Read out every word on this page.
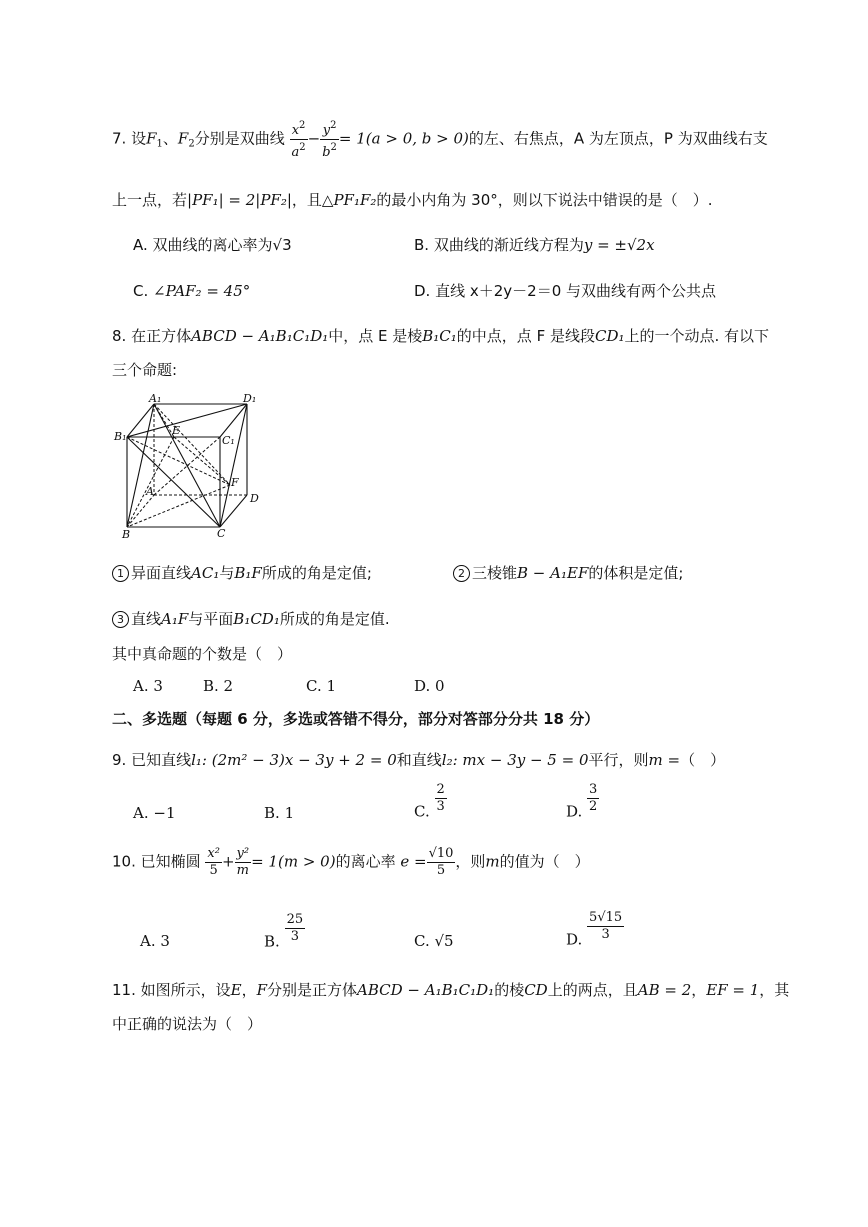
7. 设$F_1$、$F_2$分别是双曲线 $\frac{x^2}{a^2} - \frac{y^2}{b^2} = 1(a > 0$, b > 0)的左、右焦点，A 为左顶点，P 为双曲线右支
上一点，若|PF₁| = 2|PF₂|，且△PF₁F₂的最小内角为 30°，则以下说法中错误的是（　）.
A. 双曲线的离心率为√3	B. 双曲线的渐近线方程为y = ±√2x
C. ∠PAF₂ = 45°	D. 直线 x＋2y－2＝0 与双曲线有两个公共点
8. 在正方体ABCD − A₁B₁C₁D₁中，点 E 是棱B₁C₁的中点，点 F 是线段CD₁上的一个动点. 有以下
三个命题:
A₁	D₁
B₁	C₁
E
F
A
D
B	C
1 异面直线AC₁与B₁F所成的角是定值;	2 三棱锥B − A₁EF的体积是定值;
3 直线A₁F与平面B₁CD₁所成的角是定值.
其中真命题的个数是（　）
A. 3	B. 2	C. 1	D. 0
二、多选题（每题 6 分，多选或答错不得分，部分对答部分分共 18 分）
9. 已知直线l₁: (2m² − 3)x − 3y + 2 = 0和直线l₂: mx − 3y − 5 = 0平行，则m =（　）
A. −1	B. 1	C. $\frac{2}{3}$	D. $\frac{3}{2}$
10. 已知椭圆 $\frac{\text{x²}}{5} + \frac{\text{y²}}{m} = 1(m > 0)$的离心率 $e = \frac{√10}{5}$ ，则m的值为（　）
A. 3	B. $\frac{25}{3}$	C. √5	D. $\frac{5√15}{3}$
11. 如图所示，设E，F分别是正方体ABCD − A₁B₁C₁D₁的棱CD上的两点，且AB = 2，EF = 1，其
中正确的说法为（　）
